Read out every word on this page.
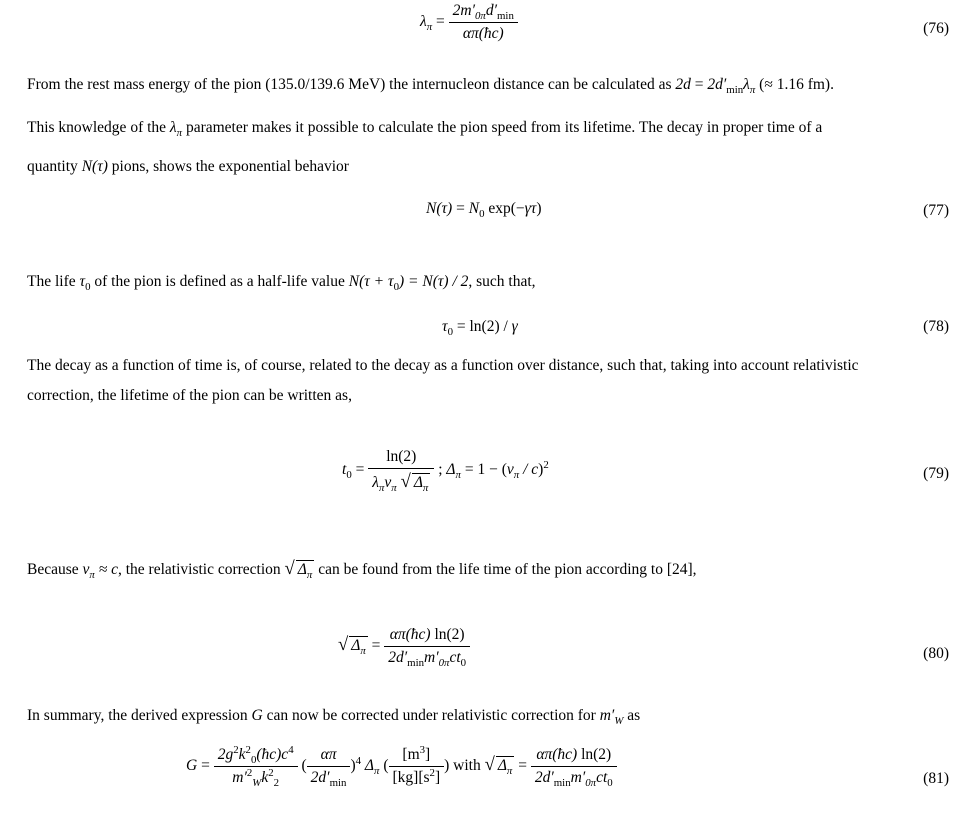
$\lambda_\pi = \frac{2m'_{0\pi}d'_{min}}{\alpha\pi(ħc)}$	(76)
From the rest mass energy of the pion (135.0/139.6 MeV) the internucleon distance can be calculated as $2d = 2d'_{min}\lambda_\pi$ (≈ 1.16 fm).
This knowledge of the $\lambda_\pi$ parameter makes it possible to calculate the pion speed from its lifetime. The decay in proper time of a
quantity N(τ) pions, shows the exponential behavior
$N(\tau) = N_0$ exp(−γτ)	(77)
The life $\tau_0$ of the pion is defined as a half-life value $N(\tau + \tau_0) = N(\tau) / 2$, such that,
$\tau_0 = \ln(2) / \gamma$	(78)
The decay as a function of time is, of course, related to the decay as a function over distance, such that, taking into account relativistic
correction, the lifetime of the pion can be written as,
$t_0 = \frac{\ln(2)}{\lambda_\pi v_\pi √ \Delta_\pi}$ ; $\Delta_\pi = 1 - (v_\pi / c)^2$
(79)
Because $v_\pi \approx c$, the relativistic correction √ $\Delta_\pi$ can be found from the life time of the pion according to [24],
√ $\Delta_\pi = \frac{\alpha\pi(ħc) \ln(2)}{2d'_{min}m'_{0\pi}ct_0}$	(80)
In summary, the derived expression G can now be corrected under relativistic correction for $m'_W$ as
$G = \frac{2g^2k^2_0(ħc)c^4}{m'^2_Wk^2_2}$ ( $\frac{\alpha\pi}{2d'_{min}} )^4$ $\Delta_\pi$ ( $\frac{[m^3]}{[kg][s^2]}$ ) with √ $\Delta_\pi = \frac{\alpha\pi(ħc) \ln(2)}{2d'_{min}m'_{0\pi}ct_0}$	(81)
